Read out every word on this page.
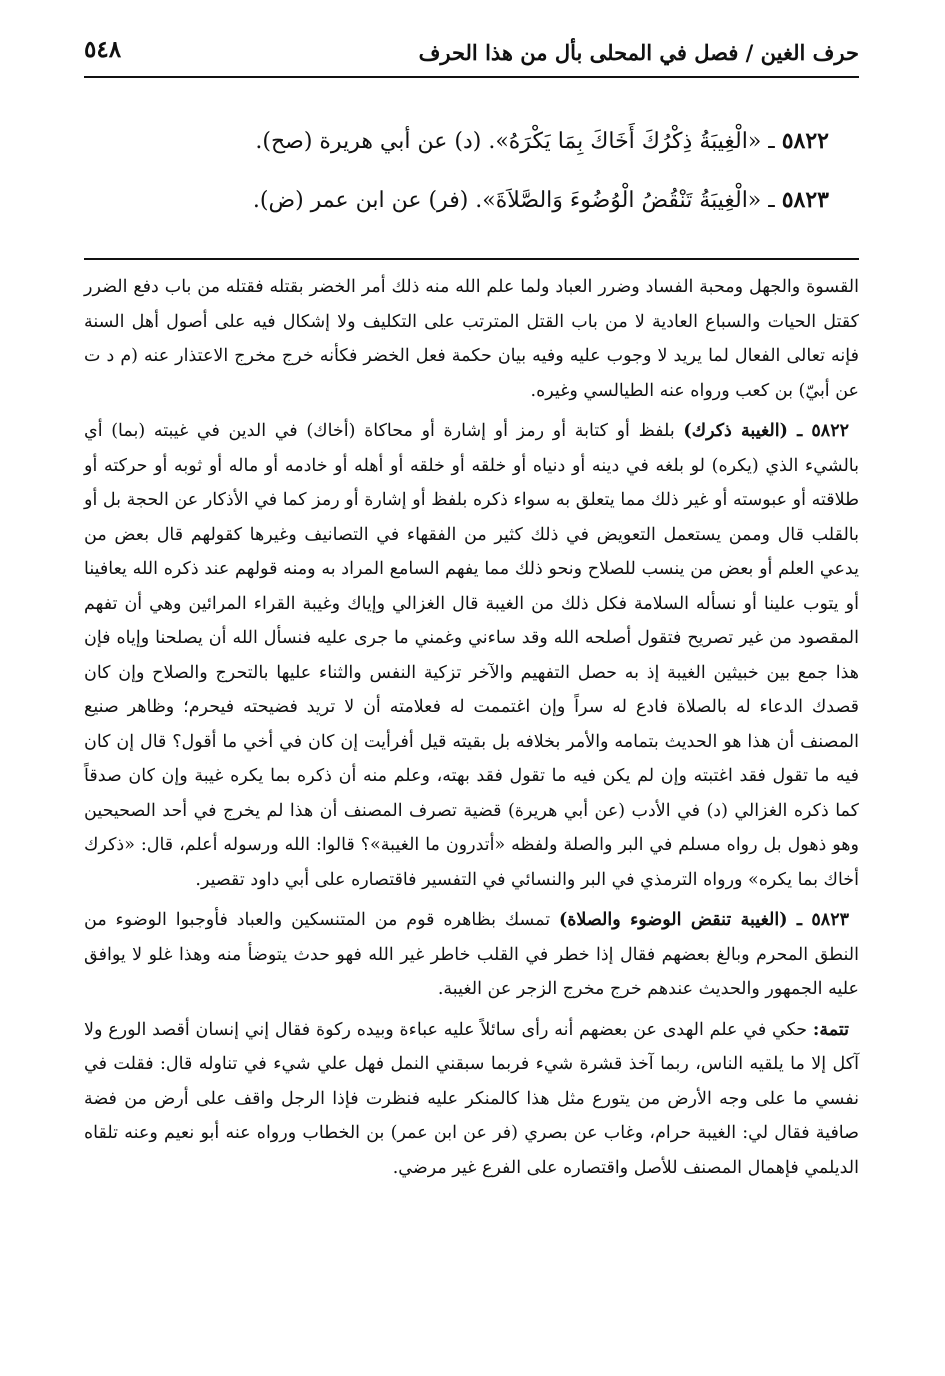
حرف الغين / فصل في المحلى بأل من هذا الحرف
٥٤٨

٥٨٢٢ ـ «الْغِيبَةُ ذِكْرُكَ أَخَاكَ بِمَا يَكْرَهُ». (د) عن أبي هريرة (صح).

٥٨٢٣ ـ «الْغِيبَةُ تَنْقُضُ الْوُضُوءَ وَالصَّلاَةَ». (فر) عن ابن عمر (ض).

القسوة والجهل ومحبة الفساد وضرر العباد ولما علم الله منه ذلك أمر الخضر بقتله فقتله من باب دفع الضرر كقتل الحيات والسباع العادية لا من باب القتل المترتب على التكليف ولا إشكال فيه على أصول أهل السنة فإنه تعالى الفعال لما يريد لا وجوب عليه وفيه بيان حكمة فعل الخضر فكأنه خرج مخرج الاعتذار عنه (م د ت عن أبيّ) بن كعب ورواه عنه الطيالسي وغيره.

٥٨٢٢ ـ (الغيبة ذكرك) بلفظ أو كتابة أو رمز أو إشارة أو محاكاة (أخاك) في الدين في غيبته (بما) أي بالشيء الذي (يكره) لو بلغه في دينه أو دنياه أو خلقه أو خلقه أو أهله أو خادمه أو ماله أو ثوبه أو حركته أو طلاقته أو عبوسته أو غير ذلك مما يتعلق به سواء ذكره بلفظ أو إشارة أو رمز كما في الأذكار عن الحجة بل أو بالقلب قال وممن يستعمل التعويض في ذلك كثير من الفقهاء في التصانيف وغيرها كقولهم قال بعض من يدعي العلم أو بعض من ينسب للصلاح ونحو ذلك مما يفهم السامع المراد به ومنه قولهم عند ذكره الله يعافينا أو يتوب علينا أو نسأله السلامة فكل ذلك من الغيبة قال الغزالي وإياك وغيبة القراء المرائين وهي أن تفهم المقصود من غير تصريح فتقول أصلحه الله وقد ساءني وغمني ما جرى عليه فنسأل الله أن يصلحنا وإياه فإن هذا جمع بين خبيثين الغيبة إذ به حصل التفهيم والآخر تزكية النفس والثناء عليها بالتحرج والصلاح وإن كان قصدك الدعاء له بالصلاة فادع له سراً وإن اغتممت له فعلامته أن لا تريد فضيحته فيحرم؛ وظاهر صنيع المصنف أن هذا هو الحديث بتمامه والأمر بخلافه بل بقيته قيل أفرأيت إن كان في أخي ما أقول؟ قال إن كان فيه ما تقول فقد اغتبته وإن لم يكن فيه ما تقول فقد بهته، وعلم منه أن ذكره بما يكره غيبة وإن كان صدقاً كما ذكره الغزالي (د) في الأدب (عن أبي هريرة) قضية تصرف المصنف أن هذا لم يخرج في أحد الصحيحين وهو ذهول بل رواه مسلم في البر والصلة ولفظه «أتدرون ما الغيبة»؟ قالوا: الله ورسوله أعلم، قال: «ذكرك أخاك بما يكره» ورواه الترمذي في البر والنسائي في التفسير فاقتصاره على أبي داود تقصير.

٥٨٢٣ ـ (الغيبة تنقض الوضوء والصلاة) تمسك بظاهره قوم من المتنسكين والعباد فأوجبوا الوضوء من النطق المحرم وبالغ بعضهم فقال إذا خطر في القلب خاطر غير الله فهو حدث يتوضأ منه وهذا غلو لا يوافق عليه الجمهور والحديث عندهم خرج مخرج الزجر عن الغيبة.

تتمة: حكي في علم الهدى عن بعضهم أنه رأى سائلاً عليه عباءة وبيده ركوة فقال إني إنسان أقصد الورع ولا آكل إلا ما يلقيه الناس، ربما آخذ قشرة شيء فربما سبقني النمل فهل علي شيء في تناوله قال: فقلت في نفسي ما على وجه الأرض من يتورع مثل هذا كالمنكر عليه فنظرت فإذا الرجل واقف على أرض من فضة صافية فقال لي: الغيبة حرام، وغاب عن بصري (فر عن ابن عمر) بن الخطاب ورواه عنه أبو نعيم وعنه تلقاه الديلمي فإهمال المصنف للأصل واقتصاره على الفرع غير مرضي.
